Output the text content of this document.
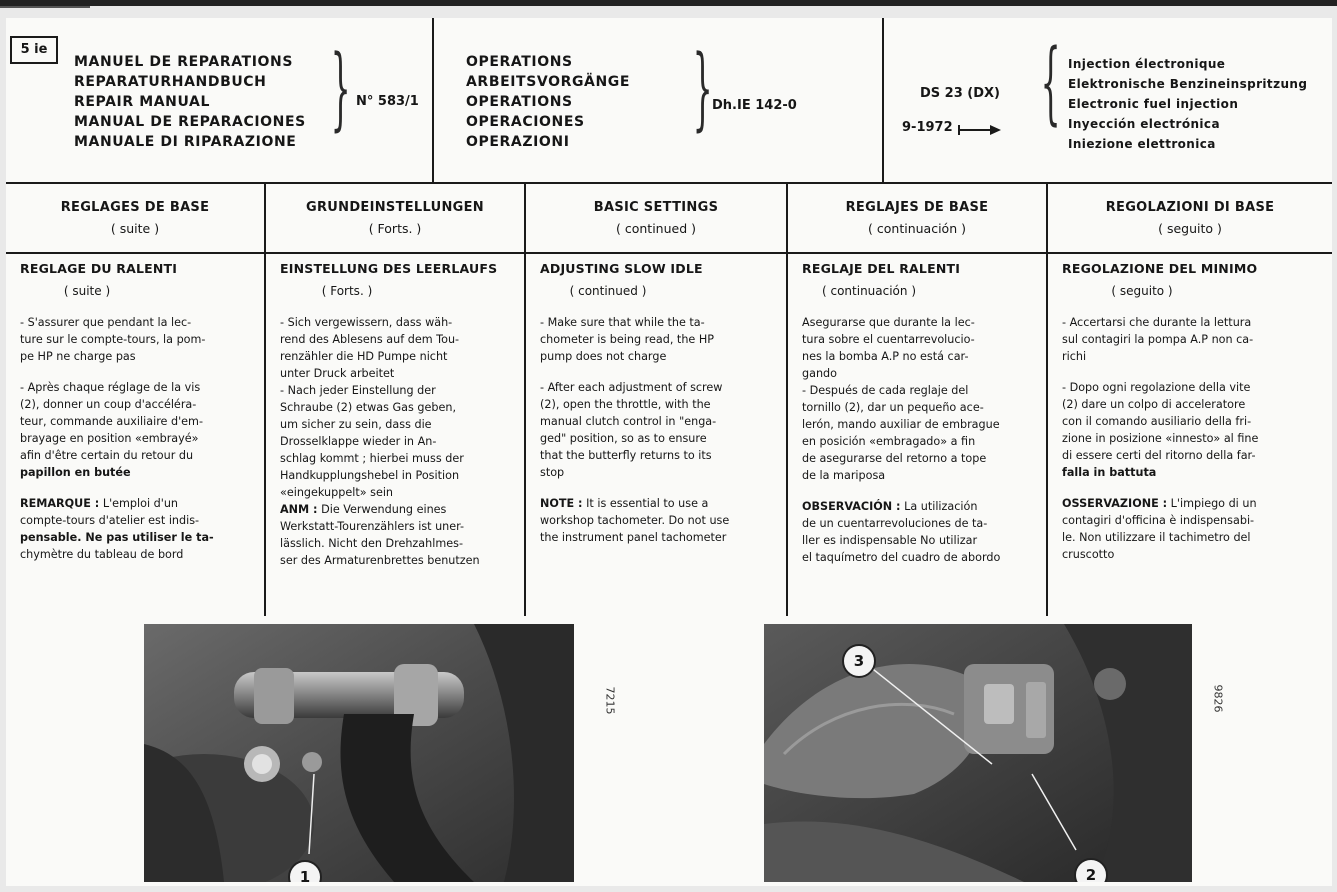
5 ie
MANUEL DE REPARATIONS
REPARATURHANDBUCH
REPAIR MANUAL
MANUAL DE REPARACIONES
MANUALE DI RIPARAZIONE
} N° 583/1
OPERATIONS
ARBEITSVORGÄNGE
OPERATIONS
OPERACIONES
OPERAZIONI
} Dh.IE 142-0
DS 23 (DX)
9-1972 } Injection électronique
Elektronische Benzineinspritzung
Electronic fuel injection
Inyección electrónica
Iniezione elettronica
REGLAGES DE BASE
( suite )
GRUNDEINSTELLUNGEN
( Forts. )
BASIC SETTINGS
( continued )
REGLAJES DE BASE
( continuación )
REGOLAZIONI DI BASE
( seguito )
REGLAGE DU RALENTI
( suite )

- S'assurer que pendant la lec-
ture sur le compte-tours, la pom-
pe HP ne charge pas

- Après chaque réglage de la vis
(2), donner un coup d'accéléra-
teur, commande auxiliaire d'em-
brayage en position «embrayé»
afin d'être certain du retour du
papillon en butée

REMARQUE : L'emploi d'un
compte-tours d'atelier est indis-
pensable. Ne pas utiliser le ta-
chymètre du tableau de bord

EINSTELLUNG DES LEERLAUFS
( Forts. )

- Sich vergewissern, dass wäh-
rend des Ablesens auf dem Tou-
renzähler die HD Pumpe nicht
unter Druck arbeitet

- Nach jeder Einstellung der
Schraube (2) etwas Gas geben,
um sicher zu sein, dass die
Drosselklappe wieder in An-
schlag kommt ; hierbei muss der
Handkupplungshebel in Position
«eingekuppelt» sein

ANM : Die Verwendung eines
Werkstatt-Tourenzählers ist uner-
lässlich. Nicht den Drehzahlmes-
ser des Armaturenbrettes benutzen

ADJUSTING SLOW IDLE
( continued )

- Make sure that while the ta-
chometer is being read, the HP
pump does not charge

- After each adjustment of screw
(2), open the throttle, with the
manual clutch control in "enga-
ged" position, so as to ensure
that the butterfly returns to its
stop

NOTE : It is essential to use a
workshop tachometer. Do not use
the instrument panel tachometer

REGLAJE DEL RALENTI
( continuación )

Asegurarse que durante la lec-
tura sobre el cuentarrevolucio-
nes la bomba A.P no está car-
gando

- Después de cada reglaje del
tornillo (2), dar un pequeño ace-
lerón, mando auxiliar de embrague
en posición «embragado» a fin
de asegurarse del retorno a tope
de la mariposa

OBSERVACIÓN : La utilización
de un cuentarrevoluciones de ta-
ller es indispensable No utilizar
el taquímetro del cuadro de abordo

REGOLAZIONE DEL MINIMO
( seguito )

- Accertarsi che durante la lettura
sul contagiri la pompa A.P non ca-
richi

- Dopo ogni regolazione della vite
(2) dare un colpo di acceleratore
con il comando ausiliario della fri-
zione in posizione «innesto» al fine
di essere certi del ritorno della far-
falla in battuta

OSSERVAZIONE : L'impiego di un
contagiri d'officina è indispensabi-
le. Non utilizzare il tachimetro del
cruscotto

1
7215
3
2
9826
